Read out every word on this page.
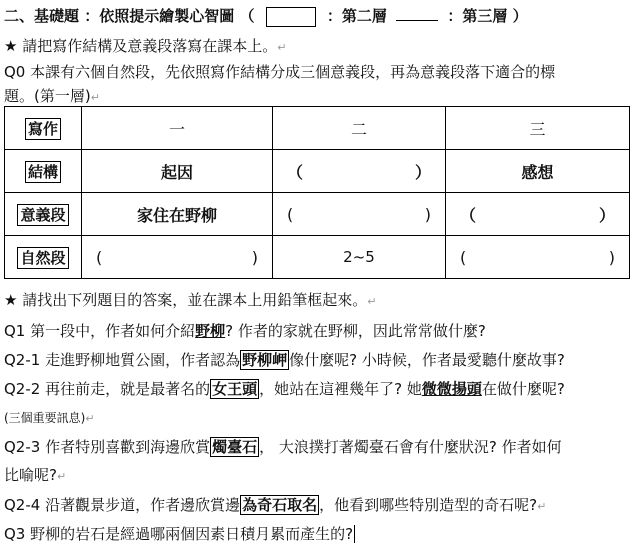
二、基礎題 ：依照提示繪製心智圖 （	：第二層	：第三層 ）
★ 請把寫作結構及意義段落寫在課本上。↵
Q0 本課有六個自然段，先依照寫作結構分成三個意義段，再為意義段落下適合的標
題。(第一層)↵
寫作	一	二	三
結構	起因	（ ）	感想
意義段	家住在野柳	( )	（ ）

自然段	( )	2~5	( )
★ 請找出下列題目的答案，並在課本上用鉛筆框起來。↵
Q1 第一段中，作者如何介紹野柳? 作者的家就在野柳，因此常常做什麼?
Q2-1 走進野柳地質公園，作者認為 野柳岬 像什麼呢? 小時候，作者最愛聽什麼故事?
Q2-2 再往前走，就是最著名的 女王頭 ，她站在這裡幾年了? 她微微揚頭在做什麼呢?
(三個重要訊息)↵
Q2-3 作者特別喜歡到海邊欣賞 燭臺石 ， 大浪撲打著燭臺石會有什麼狀況? 作者如何
比喻呢?↵
Q2-4 沿著觀景步道，作者邊欣賞邊 為奇石取名 ，他看到哪些特別造型的奇石呢?↵
Q3 野柳的岩石是經過哪兩個因素日積月累而產生的?
